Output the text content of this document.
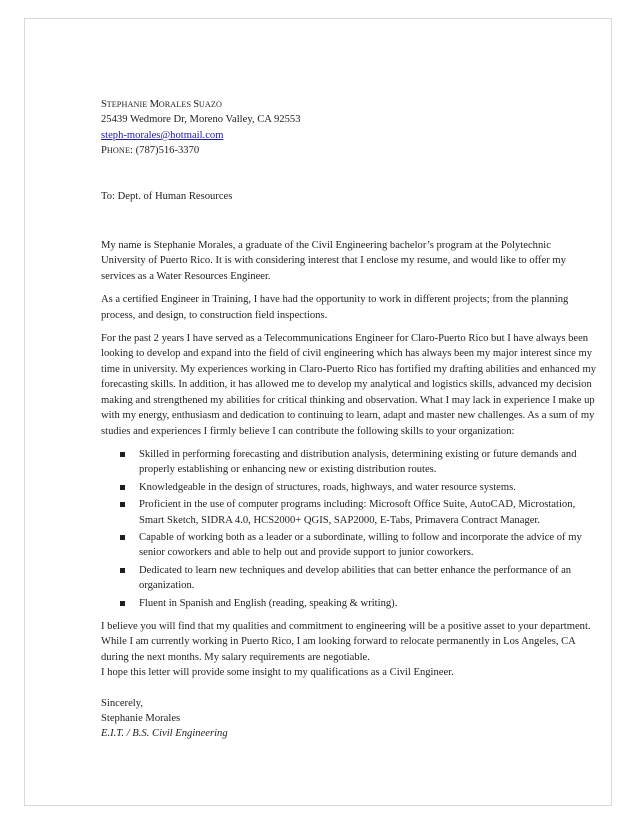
STEPHANIE MORALES SUAZO
25439 Wedmore Dr, Moreno Valley, CA 92553
steph-morales@hotmail.com
PHONE: (787)516-3370
To: Dept. of Human Resources

My name is Stephanie Morales, a graduate of the Civil Engineering bachelor’s program at the Polytechnic University of Puerto Rico. It is with considering interest that I enclose my resume, and would like to offer my services as a Water Resources Engineer.

As a certified Engineer in Training, I have had the opportunity to work in different projects; from the planning process, and design, to construction field inspections.

For the past 2 years I have served as a Telecommunications Engineer for Claro-Puerto Rico but I have always been looking to develop and expand into the field of civil engineering which has always been my major interest since my time in university. My experiences working in Claro-Puerto Rico has fortified my drafting abilities and enhanced my forecasting skills. In addition, it has allowed me to develop my analytical and logistics skills, advanced my decision making and strengthened my abilities for critical thinking and observation. What I may lack in experience I make up with my energy, enthusiasm and dedication to continuing to learn, adapt and master new challenges. As a sum of my studies and experiences I firmly believe I can contribute the following skills to your organization:

Skilled in performing forecasting and distribution analysis, determining existing or future demands and properly establishing or enhancing new or existing distribution routes.
Knowledgeable in the design of structures, roads, highways, and water resource systems.
Proficient in the use of computer programs including: Microsoft Office Suite, AutoCAD, Microstation, Smart Sketch, SIDRA 4.0, HCS2000+ QGIS, SAP2000, E-Tabs, Primavera Contract Manager.
Capable of working both as a leader or a subordinate, willing to follow and incorporate the advice of my senior coworkers and able to help out and provide support to junior coworkers.
Dedicated to learn new techniques and develop abilities that can better enhance the performance of an organization.
Fluent in Spanish and English (reading, speaking & writing).
I believe you will find that my qualities and commitment to engineering will be a positive asset to your department. While I am currently working in Puerto Rico, I am looking forward to relocate permanently in Los Angeles, CA during the next months. My salary requirements are negotiable.
I hope this letter will provide some insight to my qualifications as a Civil Engineer.
Sincerely,
Stephanie Morales
E.I.T. / B.S. Civil Engineering
